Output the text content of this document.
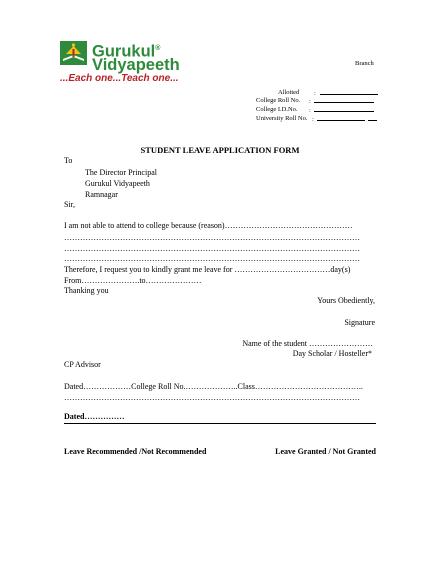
Gurukul®
Vidyapeeth
...Each one...Teach one...
Branch
Allotted :
College Roll No. :
College I.D.No. :
University Roll No. :
STUDENT LEAVE APPLICATION FORM
To
The Director Principal
Gurukul Vidyapeeth
Ramnagar
Sir,
I am not able to attend to college because (reason)…………………………………………
…………………………………………………………………………………………………
…………………………………………………………………………………………………
…………………………………………………………………………………………………
Therefore, I request you to kindly grant me leave for ………………………………day(s)
From………………….to…………………
Thanking you
Yours Obediently,
Signature
Name of the student ……………………
Day Scholar / Hosteller*
CP Advisor
Dated………………College Roll No.………………..Class…………………………………..
…………………………………………………………………………………………………
Dated……………
Leave Recommended /Not Recommended	Leave Granted / Not Granted
